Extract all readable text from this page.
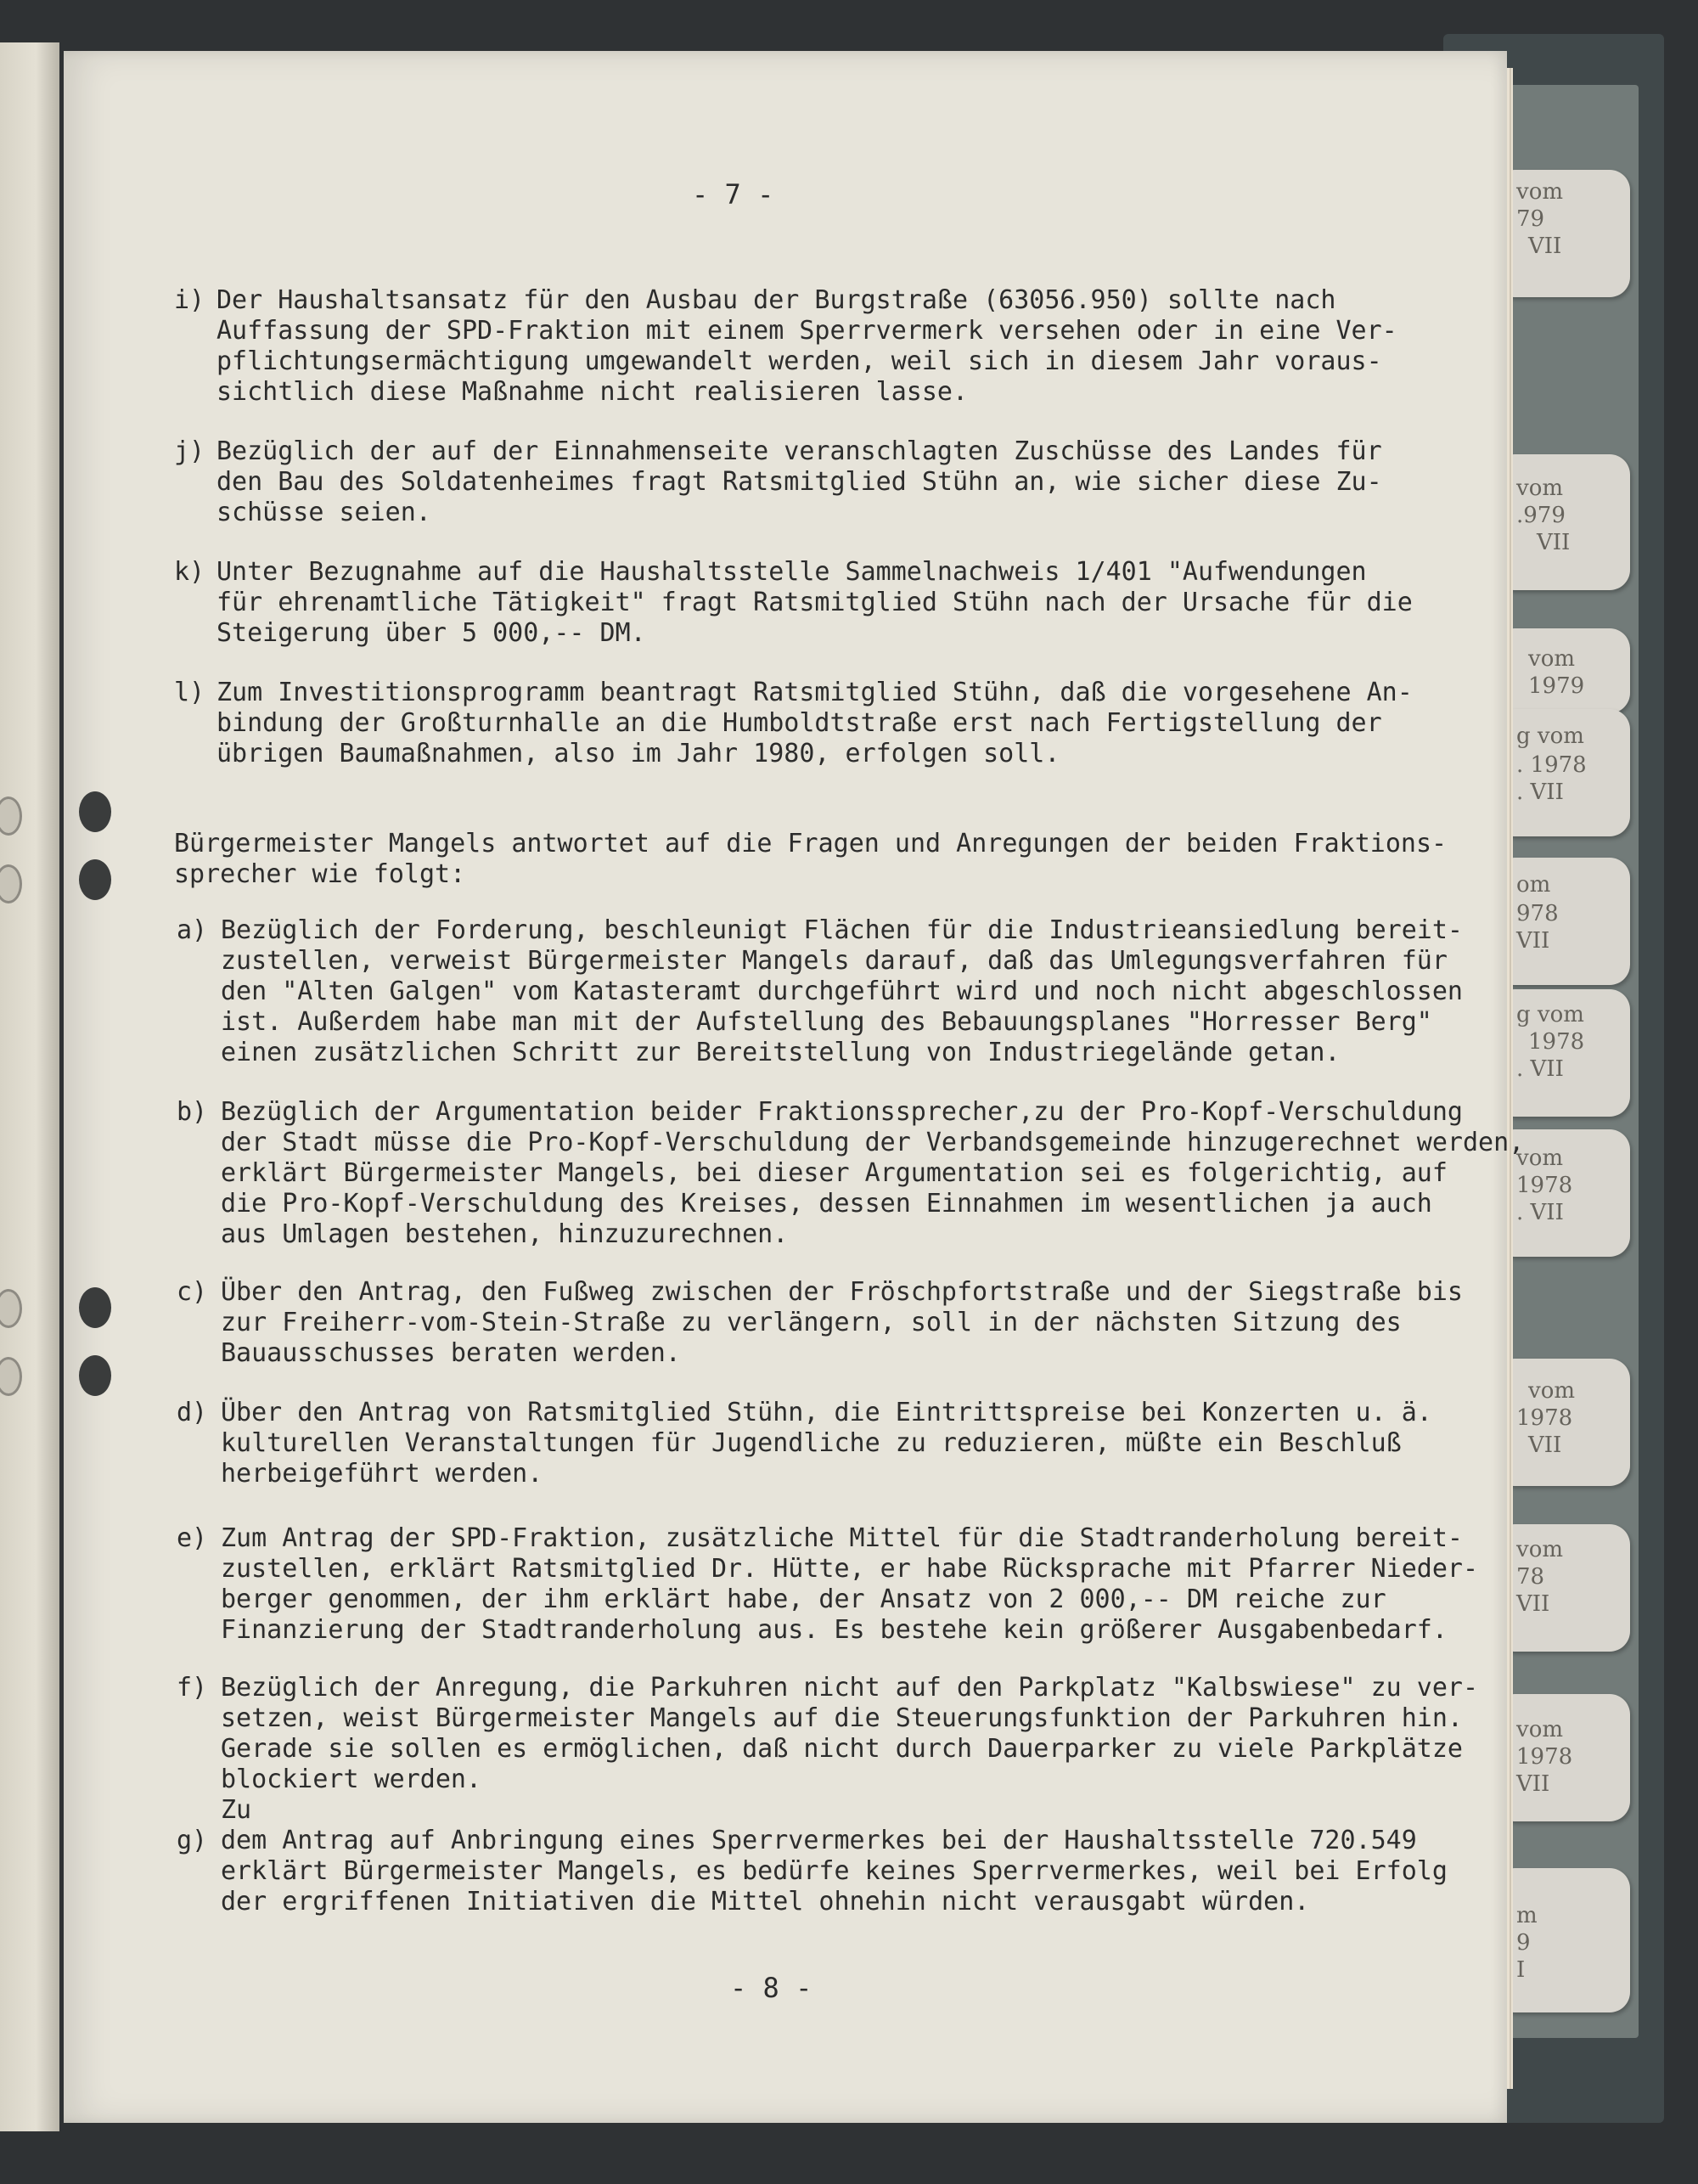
vom
79
VII
vom
.979
VII
vom
1979
g vom
. 1978
. VII
om
978
VII
g vom
1978
. VII
vom
1978
. VII
vom
1978
VII
vom
78
VII
vom
1978
VII
m
9
I
- 7 -
i) Der Haushaltsansatz für den Ausbau der Burgstraße (63056.950) sollte nach
Auffassung der SPD-Fraktion mit einem Sperrvermerk versehen oder in eine Ver-
pflichtungsermächtigung umgewandelt werden, weil sich in diesem Jahr voraus-
sichtlich diese Maßnahme nicht realisieren lasse.
j) Bezüglich der auf der Einnahmenseite veranschlagten Zuschüsse des Landes für
den Bau des Soldatenheimes fragt Ratsmitglied Stühn an, wie sicher diese Zu-
schüsse seien.
k) Unter Bezugnahme auf die Haushaltsstelle Sammelnachweis 1/401 "Aufwendungen
für ehrenamtliche Tätigkeit" fragt Ratsmitglied Stühn nach der Ursache für die
Steigerung über 5 000,-- DM.
l) Zum Investitionsprogramm beantragt Ratsmitglied Stühn, daß die vorgesehene An-
bindung der Großturnhalle an die Humboldtstraße erst nach Fertigstellung der
übrigen Baumaßnahmen, also im Jahr 1980, erfolgen soll.
Bürgermeister Mangels antwortet auf die Fragen und Anregungen der beiden Fraktions-
sprecher wie folgt:
a) Bezüglich der Forderung, beschleunigt Flächen für die Industrieansiedlung bereit-
zustellen, verweist Bürgermeister Mangels darauf, daß das Umlegungsverfahren für
den "Alten Galgen" vom Katasteramt durchgeführt wird und noch nicht abgeschlossen
ist. Außerdem habe man mit der Aufstellung des Bebauungsplanes "Horresser Berg"
einen zusätzlichen Schritt zur Bereitstellung von Industriegelände getan.
b) Bezüglich der Argumentation beider Fraktionssprecher,zu der Pro-Kopf-Verschuldung
der Stadt müsse die Pro-Kopf-Verschuldung der Verbandsgemeinde hinzugerechnet werden,
erklärt Bürgermeister Mangels, bei dieser Argumentation sei es folgerichtig, auf
die Pro-Kopf-Verschuldung des Kreises, dessen Einnahmen im wesentlichen ja auch
aus Umlagen bestehen, hinzuzurechnen.
c) Über den Antrag, den Fußweg zwischen der Fröschpfortstraße und der Siegstraße bis
zur Freiherr-vom-Stein-Straße zu verlängern, soll in der nächsten Sitzung des
Bauausschusses beraten werden.
d) Über den Antrag von Ratsmitglied Stühn, die Eintrittspreise bei Konzerten u. ä.
kulturellen Veranstaltungen für Jugendliche zu reduzieren, müßte ein Beschluß
herbeigeführt werden.
e) Zum Antrag der SPD-Fraktion, zusätzliche Mittel für die Stadtranderholung bereit-
zustellen, erklärt Ratsmitglied Dr. Hütte, er habe Rücksprache mit Pfarrer Nieder-
berger genommen, der ihm erklärt habe, der Ansatz von 2 000,-- DM reiche zur
Finanzierung der Stadtranderholung aus. Es bestehe kein größerer Ausgabenbedarf.
f) Bezüglich der Anregung, die Parkuhren nicht auf den Parkplatz "Kalbswiese" zu ver-
setzen, weist Bürgermeister Mangels auf die Steuerungsfunktion der Parkuhren hin.
Gerade sie sollen es ermöglichen, daß nicht durch Dauerparker zu viele Parkplätze
blockiert werden.
Zu
g) dem Antrag auf Anbringung eines Sperrvermerkes bei der Haushaltsstelle 720.549
erklärt Bürgermeister Mangels, es bedürfe keines Sperrvermerkes, weil bei Erfolg
der ergriffenen Initiativen die Mittel ohnehin nicht verausgabt würden.
- 8 -
